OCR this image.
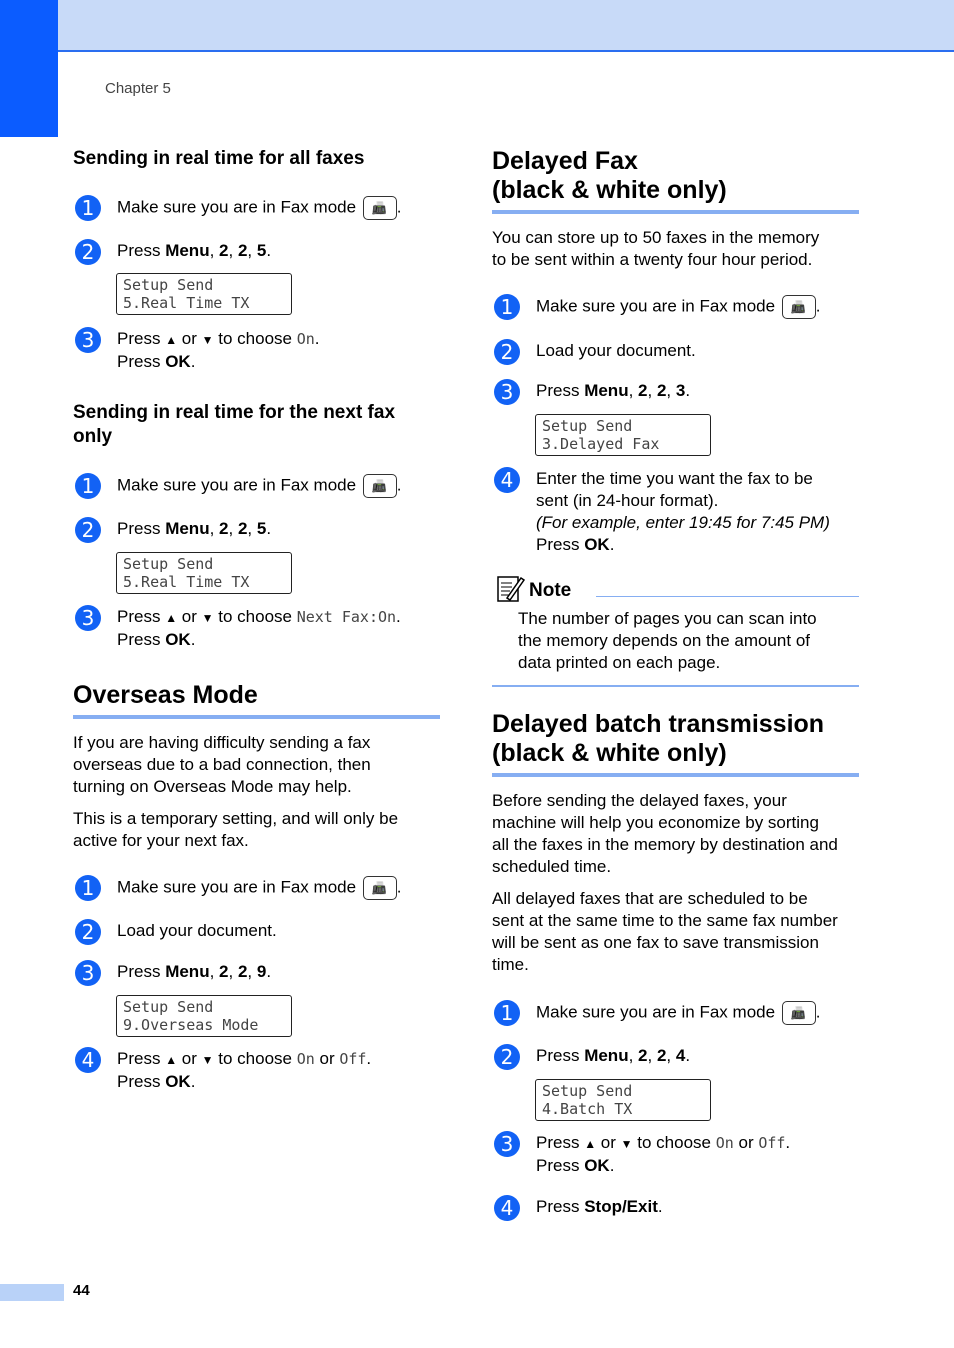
Chapter 5
44
Sending in real time for all faxes
1	Make sure you are in Fax mode 📠 .
2	Press Menu, 2, 2, 5.
Setup Send
5.Real Time TX
3	Press ▲ or ▼ to choose On.
Press OK.
Sending in real time for the next fax
only
1	Make sure you are in Fax mode 📠 .
2	Press Menu, 2, 2, 5.
Setup Send
5.Real Time TX
3	Press ▲ or ▼ to choose Next Fax:On.
Press OK.
Overseas Mode
If you are having difficulty sending a fax
overseas due to a bad connection, then
turning on Overseas Mode may help.
This is a temporary setting, and will only be
active for your next fax.
1	Make sure you are in Fax mode 📠 .
2	Load your document.
3	Press Menu, 2, 2, 9.
Setup Send
9.Overseas Mode
4	Press ▲ or ▼ to choose On or Off.
Press OK.
Delayed Fax
(black & white only)
You can store up to 50 faxes in the memory
to be sent within a twenty four hour period.
1	Make sure you are in Fax mode 📠 .
2	Load your document.
3	Press Menu, 2, 2, 3.
Setup Send
3.Delayed Fax
4	Enter the time you want the fax to be
sent (in 24-hour format).
(For example, enter 19:45 for 7:45 PM)
Press OK.
Note
The number of pages you can scan into
the memory depends on the amount of
data printed on each page.
Delayed batch transmission
(black & white only)
Before sending the delayed faxes, your
machine will help you economize by sorting
all the faxes in the memory by destination and
scheduled time.
All delayed faxes that are scheduled to be
sent at the same time to the same fax number
will be sent as one fax to save transmission
time.
1	Make sure you are in Fax mode 📠 .
2	Press Menu, 2, 2, 4.
Setup Send
4.Batch TX
3	Press ▲ or ▼ to choose On or Off.
Press OK.
4	Press Stop/Exit.
